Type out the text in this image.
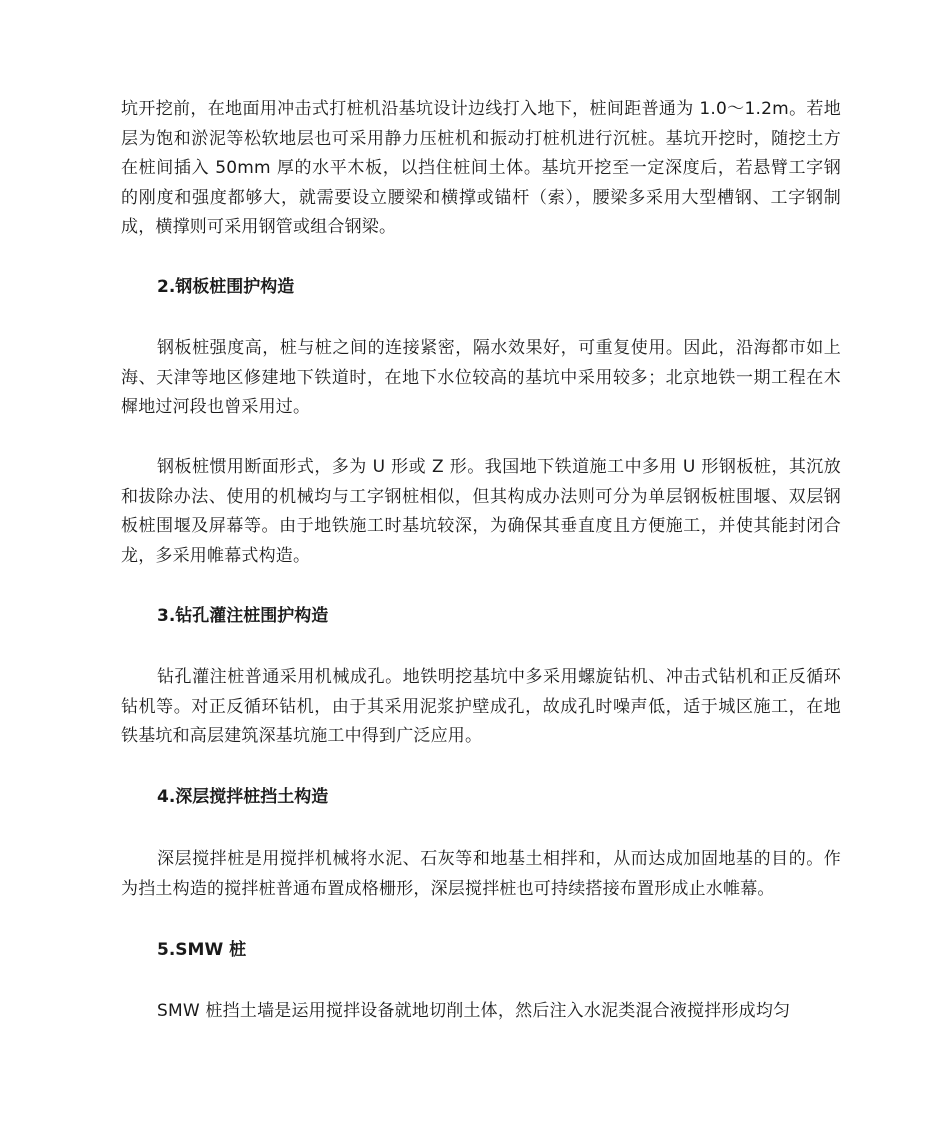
坑开挖前，在地面用冲击式打桩机沿基坑设计边线打入地下，桩间距普通为 1.0～1.2m。若地层为饱和淤泥等松软地层也可采用静力压桩机和振动打桩机进行沉桩。基坑开挖时，随挖土方在桩间插入 50mm 厚的水平木板，以挡住桩间土体。基坑开挖至一定深度后，若悬臂工字钢的刚度和强度都够大，就需要设立腰梁和横撑或锚杆（索），腰梁多采用大型槽钢、工字钢制成，横撑则可采用钢管或组合钢梁。

2.钢板桩围护构造

钢板桩强度高，桩与桩之间的连接紧密，隔水效果好，可重复使用。因此，沿海都市如上海、天津等地区修建地下铁道时，在地下水位较高的基坑中采用较多；北京地铁一期工程在木樨地过河段也曾采用过。

钢板桩惯用断面形式，多为 U 形或 Z 形。我国地下铁道施工中多用 U 形钢板桩，其沉放和拔除办法、使用的机械均与工字钢桩相似，但其构成办法则可分为单层钢板桩围堰、双层钢板桩围堰及屏幕等。由于地铁施工时基坑较深，为确保其垂直度且方便施工，并使其能封闭合龙，多采用帷幕式构造。

3.钻孔灌注桩围护构造

钻孔灌注桩普通采用机械成孔。地铁明挖基坑中多采用螺旋钻机、冲击式钻机和正反循环钻机等。对正反循环钻机，由于其采用泥浆护壁成孔，故成孔时噪声低，适于城区施工，在地铁基坑和高层建筑深基坑施工中得到广泛应用。

4.深层搅拌桩挡土构造

深层搅拌桩是用搅拌机械将水泥、石灰等和地基土相拌和，从而达成加固地基的目的。作为挡土构造的搅拌桩普通布置成格栅形，深层搅拌桩也可持续搭接布置形成止水帷幕。

5.SMW 桩

SMW 桩挡土墙是运用搅拌设备就地切削土体，然后注入水泥类混合液搅拌形成均匀
